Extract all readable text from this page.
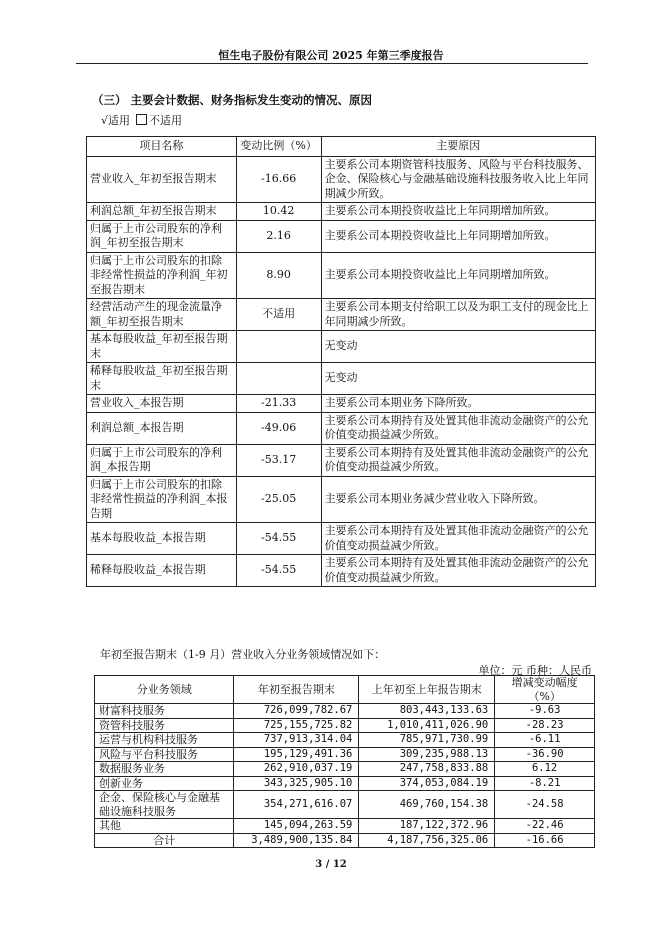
恒生电子股份有限公司 2025 年第三季度报告
（三） 主要会计数据、财务指标发生变动的情况、原因
√适用 不适用
项目名称	变动比例（%）	主要原因
营业收入_年初至报告期末	-16.66	主要系公司本期资管科技服务、风险与平台科技服务、企金、保险核心与金融基础设施科技服务收入比上年同期减少所致。
利润总额_年初至报告期末	10.42	主要系公司本期投资收益比上年同期增加所致。
归属于上市公司股东的净利润_年初至报告期末	2.16	主要系公司本期投资收益比上年同期增加所致。
归属于上市公司股东的扣除非经常性损益的净利润_年初至报告期末	8.90	主要系公司本期投资收益比上年同期增加所致。
经营活动产生的现金流量净额_年初至报告期末	不适用	主要系公司本期支付给职工以及为职工支付的现金比上年同期减少所致。
基本每股收益_年初至报告期末		无变动
稀释每股收益_年初至报告期末		无变动
营业收入_本报告期	-21.33	主要系公司本期业务下降所致。
利润总额_本报告期	-49.06	主要系公司本期持有及处置其他非流动金融资产的公允价值变动损益减少所致。
归属于上市公司股东的净利润_本报告期	-53.17	主要系公司本期持有及处置其他非流动金融资产的公允价值变动损益减少所致。
归属于上市公司股东的扣除非经常性损益的净利润_本报告期	-25.05	主要系公司本期业务减少营业收入下降所致。
基本每股收益_本报告期	-54.55	主要系公司本期持有及处置其他非流动金融资产的公允价值变动损益减少所致。
稀释每股收益_本报告期	-54.55	主要系公司本期持有及处置其他非流动金融资产的公允价值变动损益减少所致。
年初至报告期末（1-9 月）营业收入分业务领域情况如下：
单位：元 币种：人民币
分业务领域	年初至报告期末	上年初至上年报告期末	增减变动幅度（%）
财富科技服务	726,099,782.67	803,443,133.63	-9.63
资管科技服务	725,155,725.82	1,010,411,026.90	-28.23
运营与机构科技服务	737,913,314.04	785,971,730.99	-6.11
风险与平台科技服务	195,129,491.36	309,235,988.13	-36.90
数据服务业务	262,910,037.19	247,758,833.88	6.12
创新业务	343,325,905.10	374,053,084.19	-8.21
企金、保险核心与金融基础设施科技服务	354,271,616.07	469,760,154.38	-24.58
其他	145,094,263.59	187,122,372.96	-22.46
合计	3,489,900,135.84	4,187,756,325.06	-16.66
3 / 12
